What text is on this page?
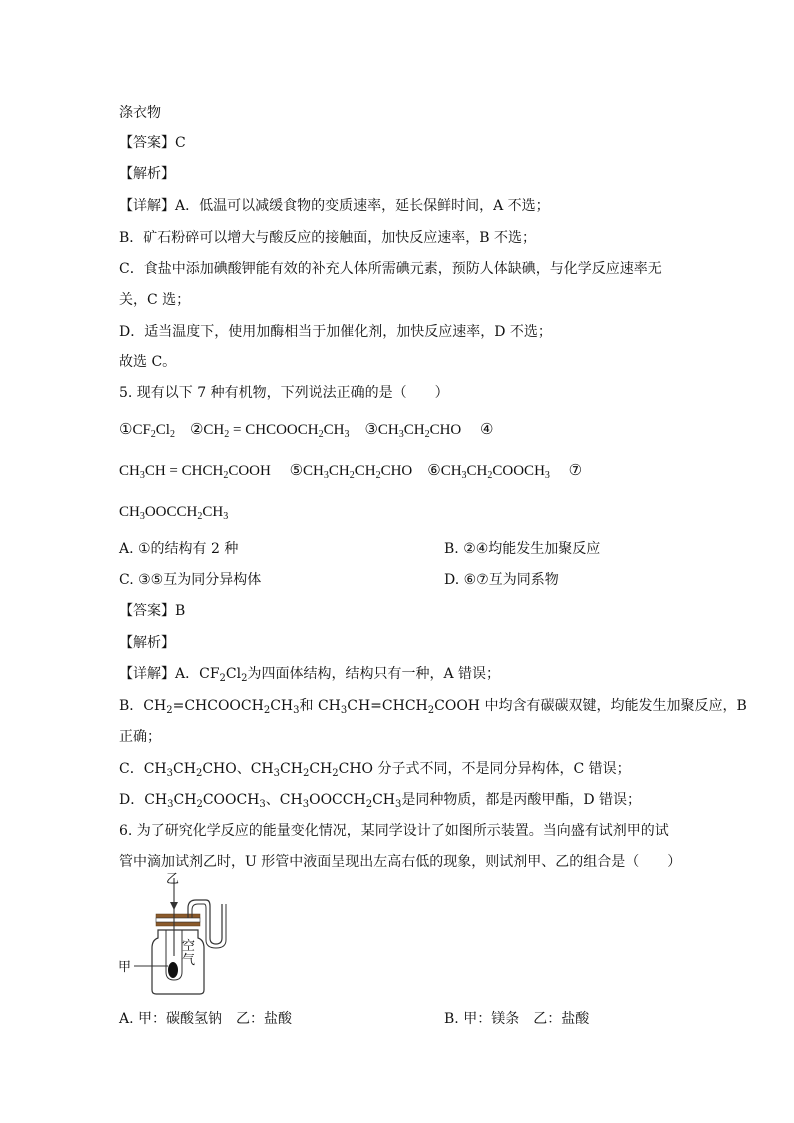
涤衣物
【答案】C
【解析】
【详解】A．低温可以减缓食物的变质速率，延长保鲜时间，A 不选；
B．矿石粉碎可以增大与酸反应的接触面，加快反应速率，B 不选；
C．食盐中添加碘酸钾能有效的补充人体所需碘元素，预防人体缺碘，与化学反应速率无
关，C 选；
D．适当温度下，使用加酶相当于加催化剂，加快反应速率，D 不选；
故选 C。
5. 现有以下 7 种有机物，下列说法正确的是（　　）
$①CF_2Cl_2$ $②CH_2$ = $CHCOOCH_2CH_3$ $③CH_3CH_2CHO$ ④
$CH_3CH$ = $CHCH_2COOH$ $⑤CH_3CH_2CH_2CHO$ $⑥CH_3CH_2COOCH_3$ ⑦
$CH_3OOCCH_2CH_3$
A. ①的结构有 2 种	B. ②④均能发生加聚反应
C. ③⑤互为同分异构体	D. ⑥⑦互为同系物
【答案】B
【解析】
【详解】A．$CF_2Cl_2$为四面体结构，结构只有一种，A 错误；
B．$CH_2=CHCOOCH_2CH_3$和 $CH_3CH=CHCH_2COOH$ 中均含有碳碳双键，均能发生加聚反应，B
正确；
C．$CH_3CH_2CHO$、$CH_3CH_2CH_2CHO$ 分子式不同，不是同分异构体，C 错误；
D．$CH_3CH_2COOCH_3$、$CH_3OOCCH_2CH_3$是同种物质，都是丙酸甲酯，D 错误；
6. 为了研究化学反应的能量变化情况，某同学设计了如图所示装置。当向盛有试剂甲的试
管中滴加试剂乙时，U 形管中液面呈现出左高右低的现象，则试剂甲、乙的组合是（　　）
乙
甲
空
气
A. 甲：碳酸氢钠　乙：盐酸	B. 甲：镁条　乙：盐酸
